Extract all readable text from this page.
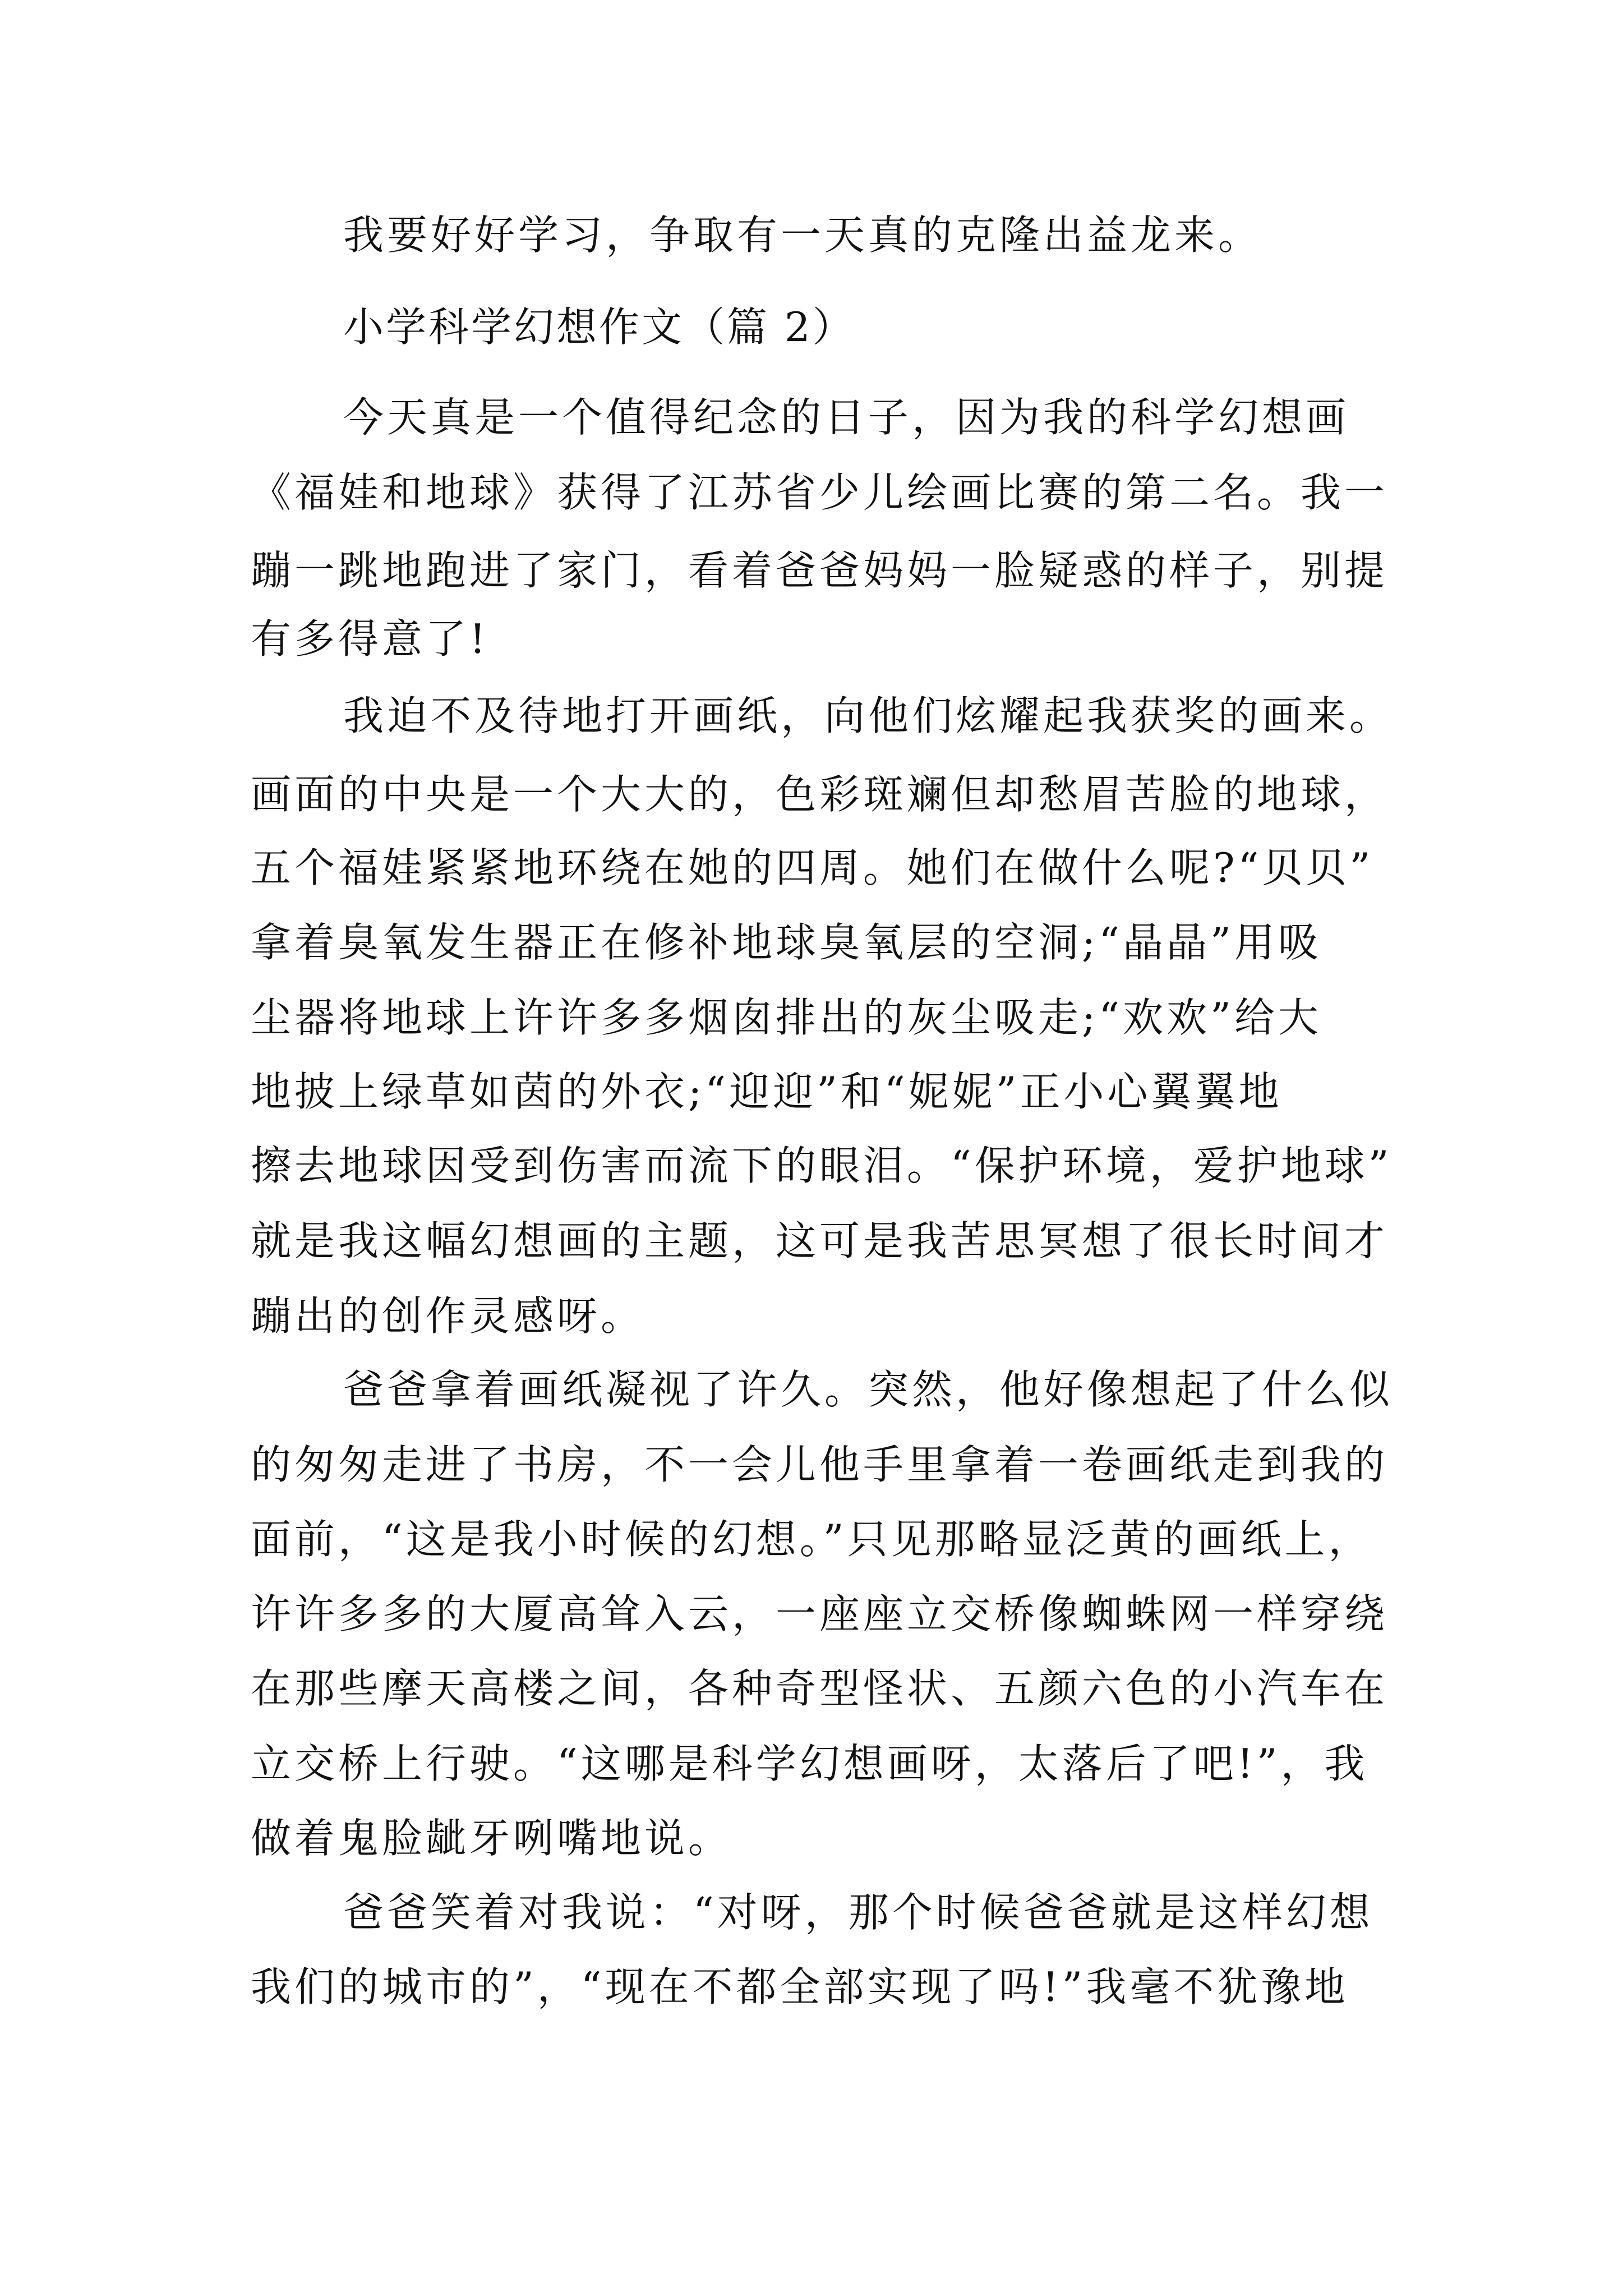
我要好好学习，争取有一天真的克隆出益龙来。
小学科学幻想作文（篇 2）
今天真是一个值得纪念的日子，因为我的科学幻想画
《福娃和地球》获得了江苏省少儿绘画比赛的第二名。我一
蹦一跳地跑进了家门，看着爸爸妈妈一脸疑惑的样子，别提
有多得意了!
我迫不及待地打开画纸，向他们炫耀起我获奖的画来。
画面的中央是一个大大的，色彩斑斓但却愁眉苦脸的地球，
五个福娃紧紧地环绕在她的四周。她们在做什么呢?“贝贝”
拿着臭氧发生器正在修补地球臭氧层的空洞;“晶晶”用吸
尘器将地球上许许多多烟囱排出的灰尘吸走;“欢欢”给大
地披上绿草如茵的外衣;“迎迎”和“妮妮”正小心翼翼地
擦去地球因受到伤害而流下的眼泪。“保护环境，爱护地球”
就是我这幅幻想画的主题，这可是我苦思冥想了很长时间才
蹦出的创作灵感呀。
爸爸拿着画纸凝视了许久。突然，他好像想起了什么似
的匆匆走进了书房，不一会儿他手里拿着一卷画纸走到我的
面前，“这是我小时候的幻想。”只见那略显泛黄的画纸上，
许许多多的大厦高耸入云，一座座立交桥像蜘蛛网一样穿绕
在那些摩天高楼之间，各种奇型怪状、五颜六色的小汽车在
立交桥上行驶。“这哪是科学幻想画呀，太落后了吧!”，我
做着鬼脸龇牙咧嘴地说。
爸爸笑着对我说：“对呀，那个时候爸爸就是这样幻想
我们的城市的”，“现在不都全部实现了吗!”我毫不犹豫地
